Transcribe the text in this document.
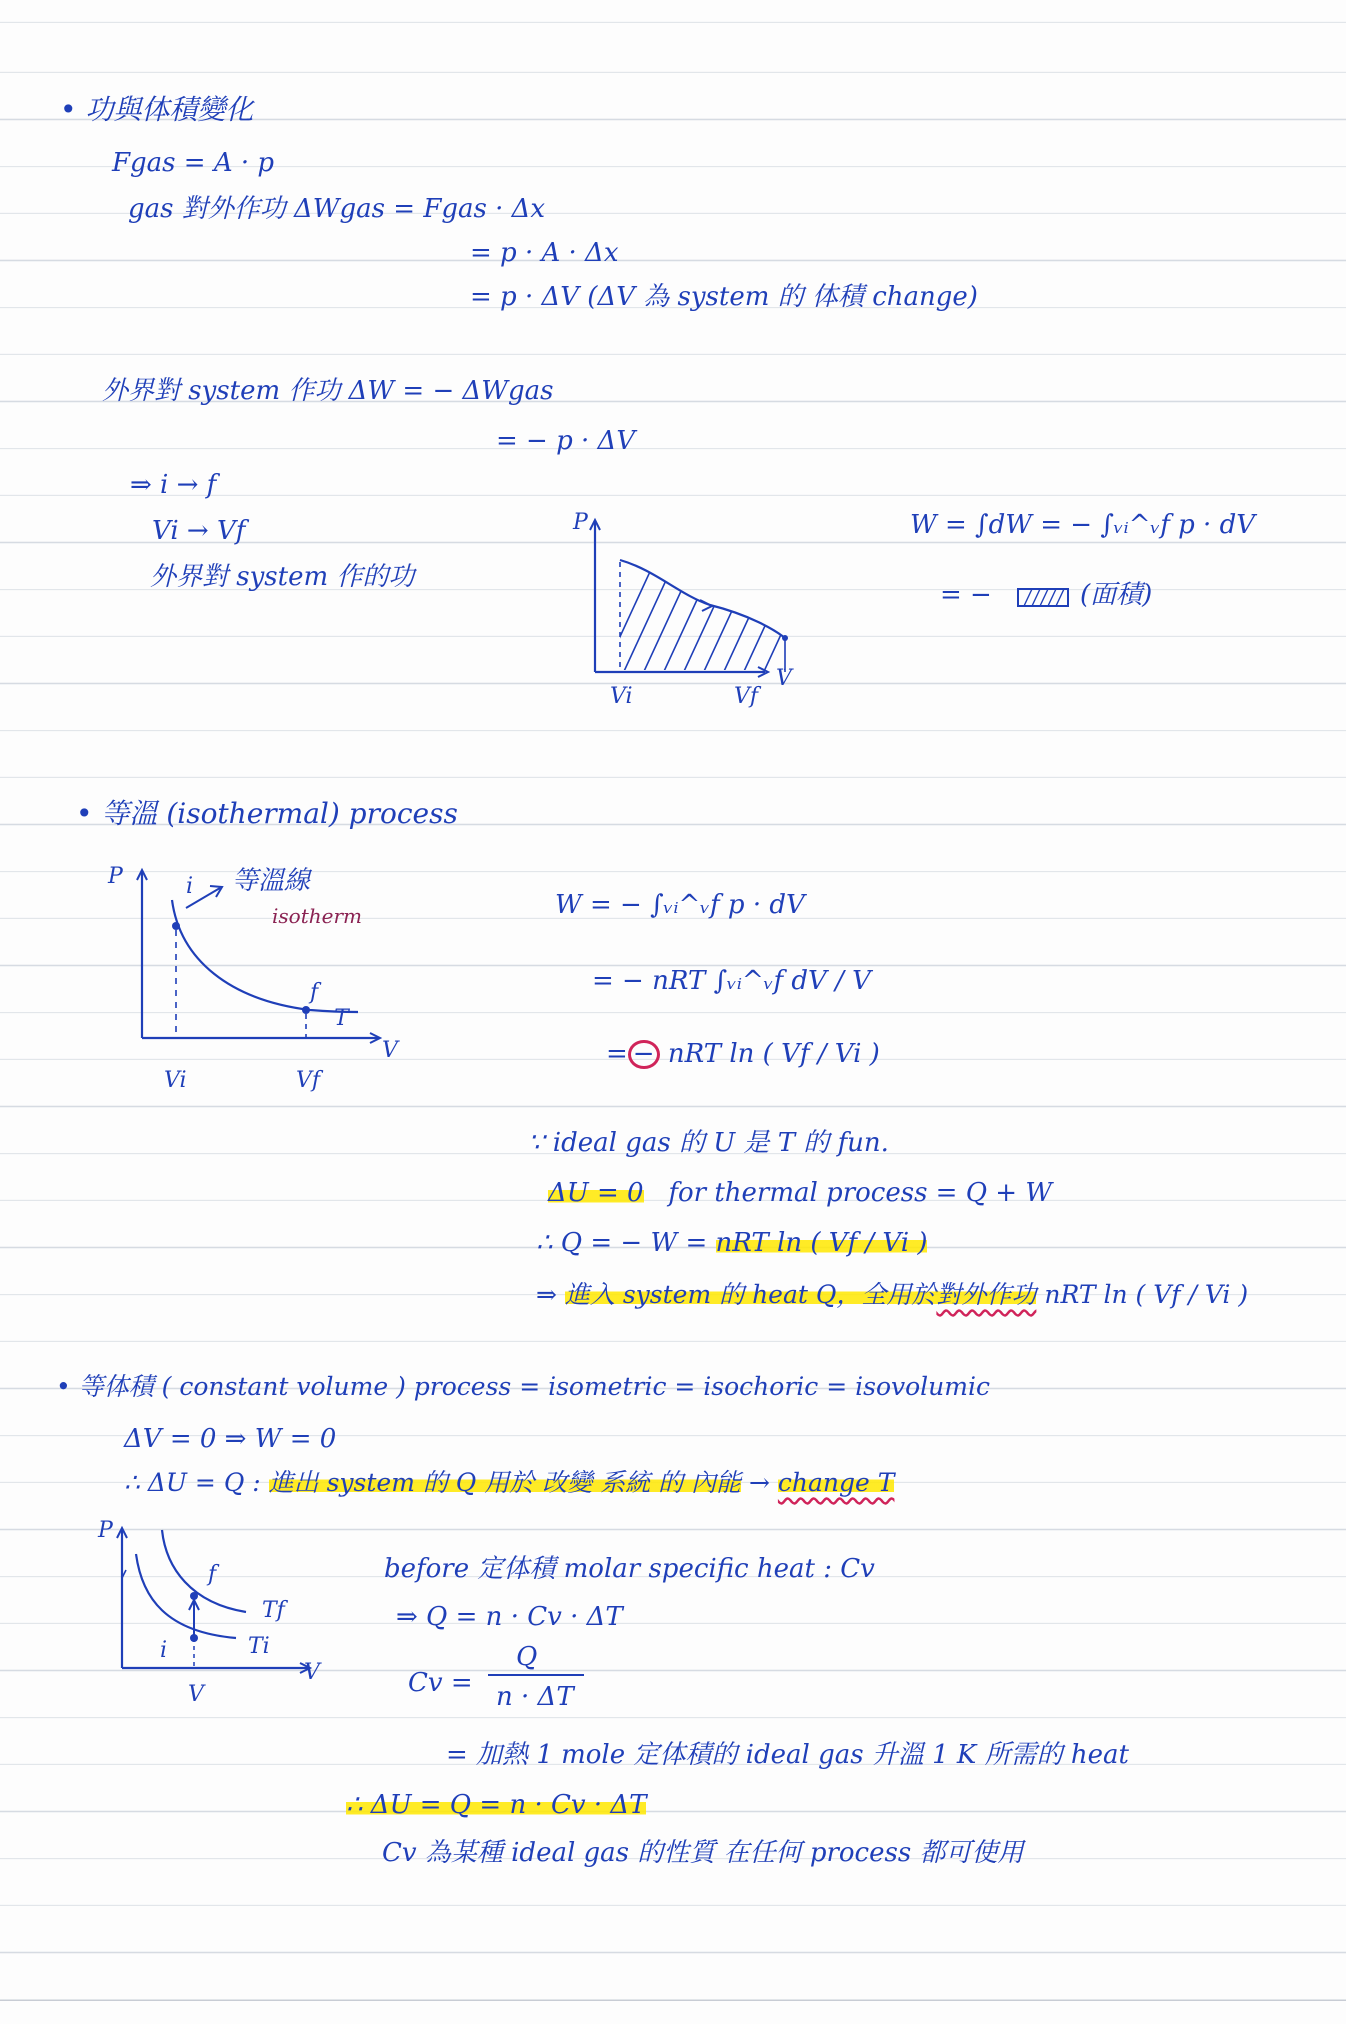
• 功與体積變化
Fgas = A · p
gas 對外作功 ΔWgas = Fgas · Δx
= p · A · Δx
= p · ΔV (ΔV 為 system 的 体積 change)
外界對 system 作功 ΔW = − ΔWgas
= − p · ΔV
⇒ i → f
Vi → Vf
外界對 system 作的功
P
V
Vi	Vf
W = ∫dW = − ∫ᵥᵢ^ᵥf p · dV
= −	(面積)
• 等溫 (isothermal) process
P	i 等溫線
isotherm
f
T
V
Vi	Vf
W = − ∫ᵥᵢ^ᵥf p · dV
= − nRT ∫ᵥᵢ^ᵥf dV / V
= − nRT ln ( Vf / Vi )
∵ ideal gas 的 U 是 T 的 fun.
ΔU = 0 for thermal process = Q + W
∴ Q = − W = nRT ln ( Vf / Vi )
⇒ 進入 system 的 heat Q，全用於對外作功 nRT ln ( Vf / Vi )
• 等体積 ( constant volume ) process = isometric = isochoric = isovolumic
ΔV = 0 ⇒ W = 0
∴ ΔU = Q : 進出 system 的 Q 用於 改變 系統 的 內能 → change T
P
f
Tf
i	Ti
V
V
before 定体積 molar specific heat : Cv
⇒ Q = n · Cv · ΔT
Cv =
Q
n · ΔT
= 加熱 1 mole 定体積的 ideal gas 升溫 1 K 所需的 heat
∴ ΔU = Q = n · Cv · ΔT
Cv 為某種 ideal gas 的性質 在任何 process 都可使用
